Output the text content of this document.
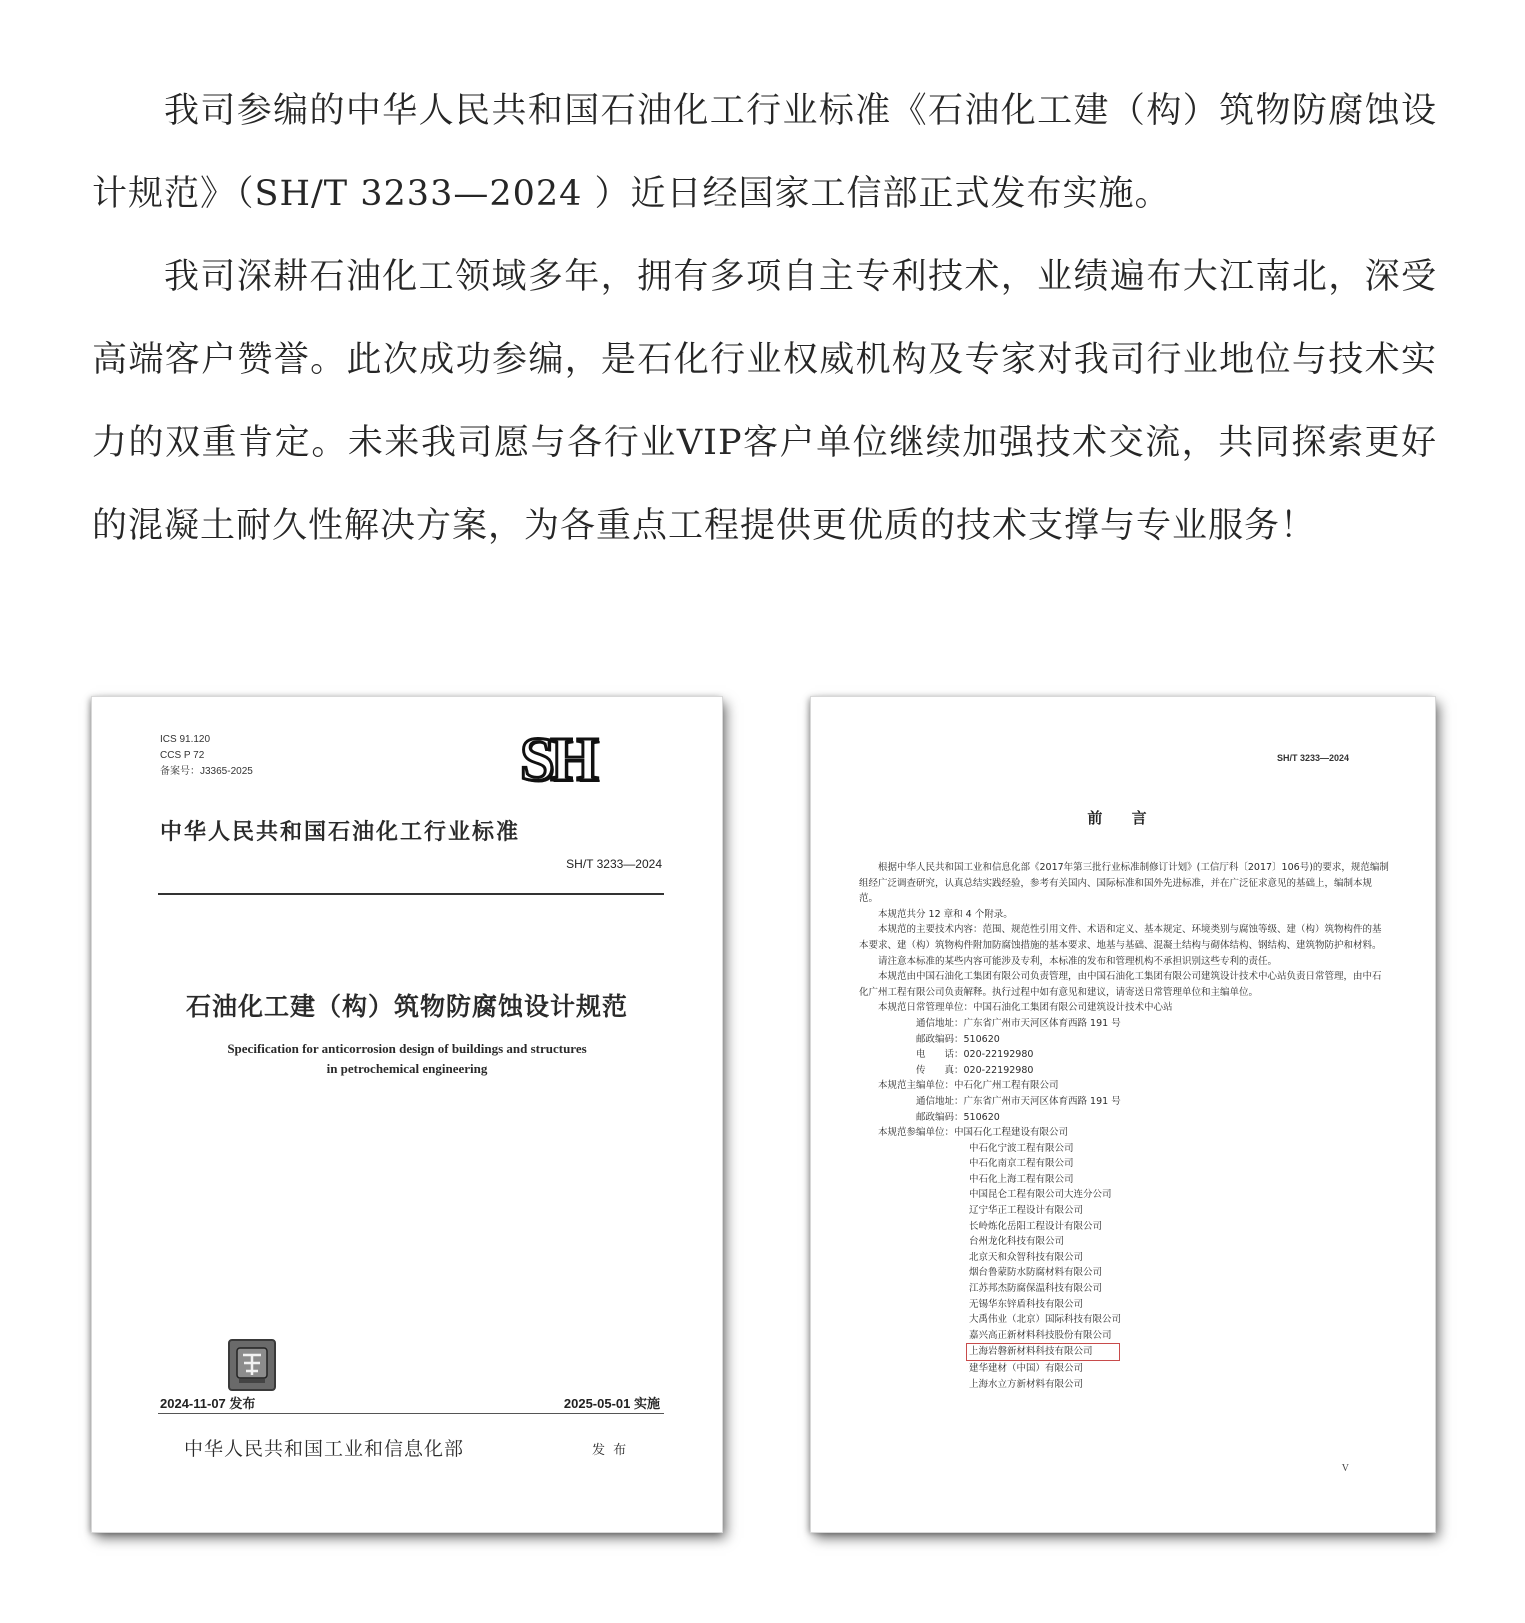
我司参编的中华人民共和国石油化工行业标准《石油化工建（构）筑物防腐蚀设计规范》（SH/T 3233—2024 ）近日经国家工信部正式发布实施。

我司深耕石油化工领域多年，拥有多项自主专利技术，业绩遍布大江南北，深受高端客户赞誉。此次成功参编，是石化行业权威机构及专家对我司行业地位与技术实力的双重肯定。未来我司愿与各行业VIP客户单位继续加强技术交流，共同探索更好的混凝土耐久性解决方案，为各重点工程提供更优质的技术支撑与专业服务！

ICS 91.120
CCS P 72
备案号：J3365-2025	SH
中华人民共和国石油化工行业标准
SH/T 3233—2024
石油化工建（构）筑物防腐蚀设计规范
Specification for anticorrosion design of buildings and structures
in petrochemical engineering
2024-11-07 发布	2025-05-01 实施
中华人民共和国工业和信息化部	发 布
SH/T 3233—2024
前 言

根据中华人民共和国工业和信息化部《2017年第三批行业标准制修订计划》(工信厅科〔2017〕106号)的要求，规范编制组经广泛调查研究，认真总结实践经验，参考有关国内、国际标准和国外先进标准，并在广泛征求意见的基础上，编制本规范。

本规范共分 12 章和 4 个附录。

本规范的主要技术内容：范围、规范性引用文件、术语和定义、基本规定、环境类别与腐蚀等级、建（构）筑物构件的基本要求、建（构）筑物构件附加防腐蚀措施的基本要求、地基与基础、混凝土结构与砌体结构、钢结构、建筑物防护和材料。

请注意本标准的某些内容可能涉及专利，本标准的发布和管理机构不承担识别这些专利的责任。

本规范由中国石油化工集团有限公司负责管理，由中国石油化工集团有限公司建筑设计技术中心站负责日常管理，由中石化广州工程有限公司负责解释。执行过程中如有意见和建议，请寄送日常管理单位和主编单位。

本规范日常管理单位： 中国石油化工集团有限公司建筑设计技术中心站
通信地址： 广东省广州市天河区体育西路 191 号
邮政编码： 510620
电　　话： 020-22192980
传　　真： 020-22192980
本规范主编单位： 中石化广州工程有限公司
通信地址： 广东省广州市天河区体育西路 191 号
邮政编码： 510620
本规范参编单位： 中国石化工程建设有限公司
中石化宁波工程有限公司
中石化南京工程有限公司
中石化上海工程有限公司
中国昆仑工程有限公司大连分公司
辽宁华正工程设计有限公司
长岭炼化岳阳工程设计有限公司
台州龙化科技有限公司
北京天和众智科技有限公司
烟台鲁蒙防水防腐材料有限公司
江苏邦杰防腐保温科技有限公司
无锡华东锌盾科技有限公司
大禹伟业（北京）国际科技有限公司
嘉兴高正新材料科技股份有限公司
上海岩磐新材料科技有限公司
建华建材（中国）有限公司
上海水立方新材料有限公司
V
